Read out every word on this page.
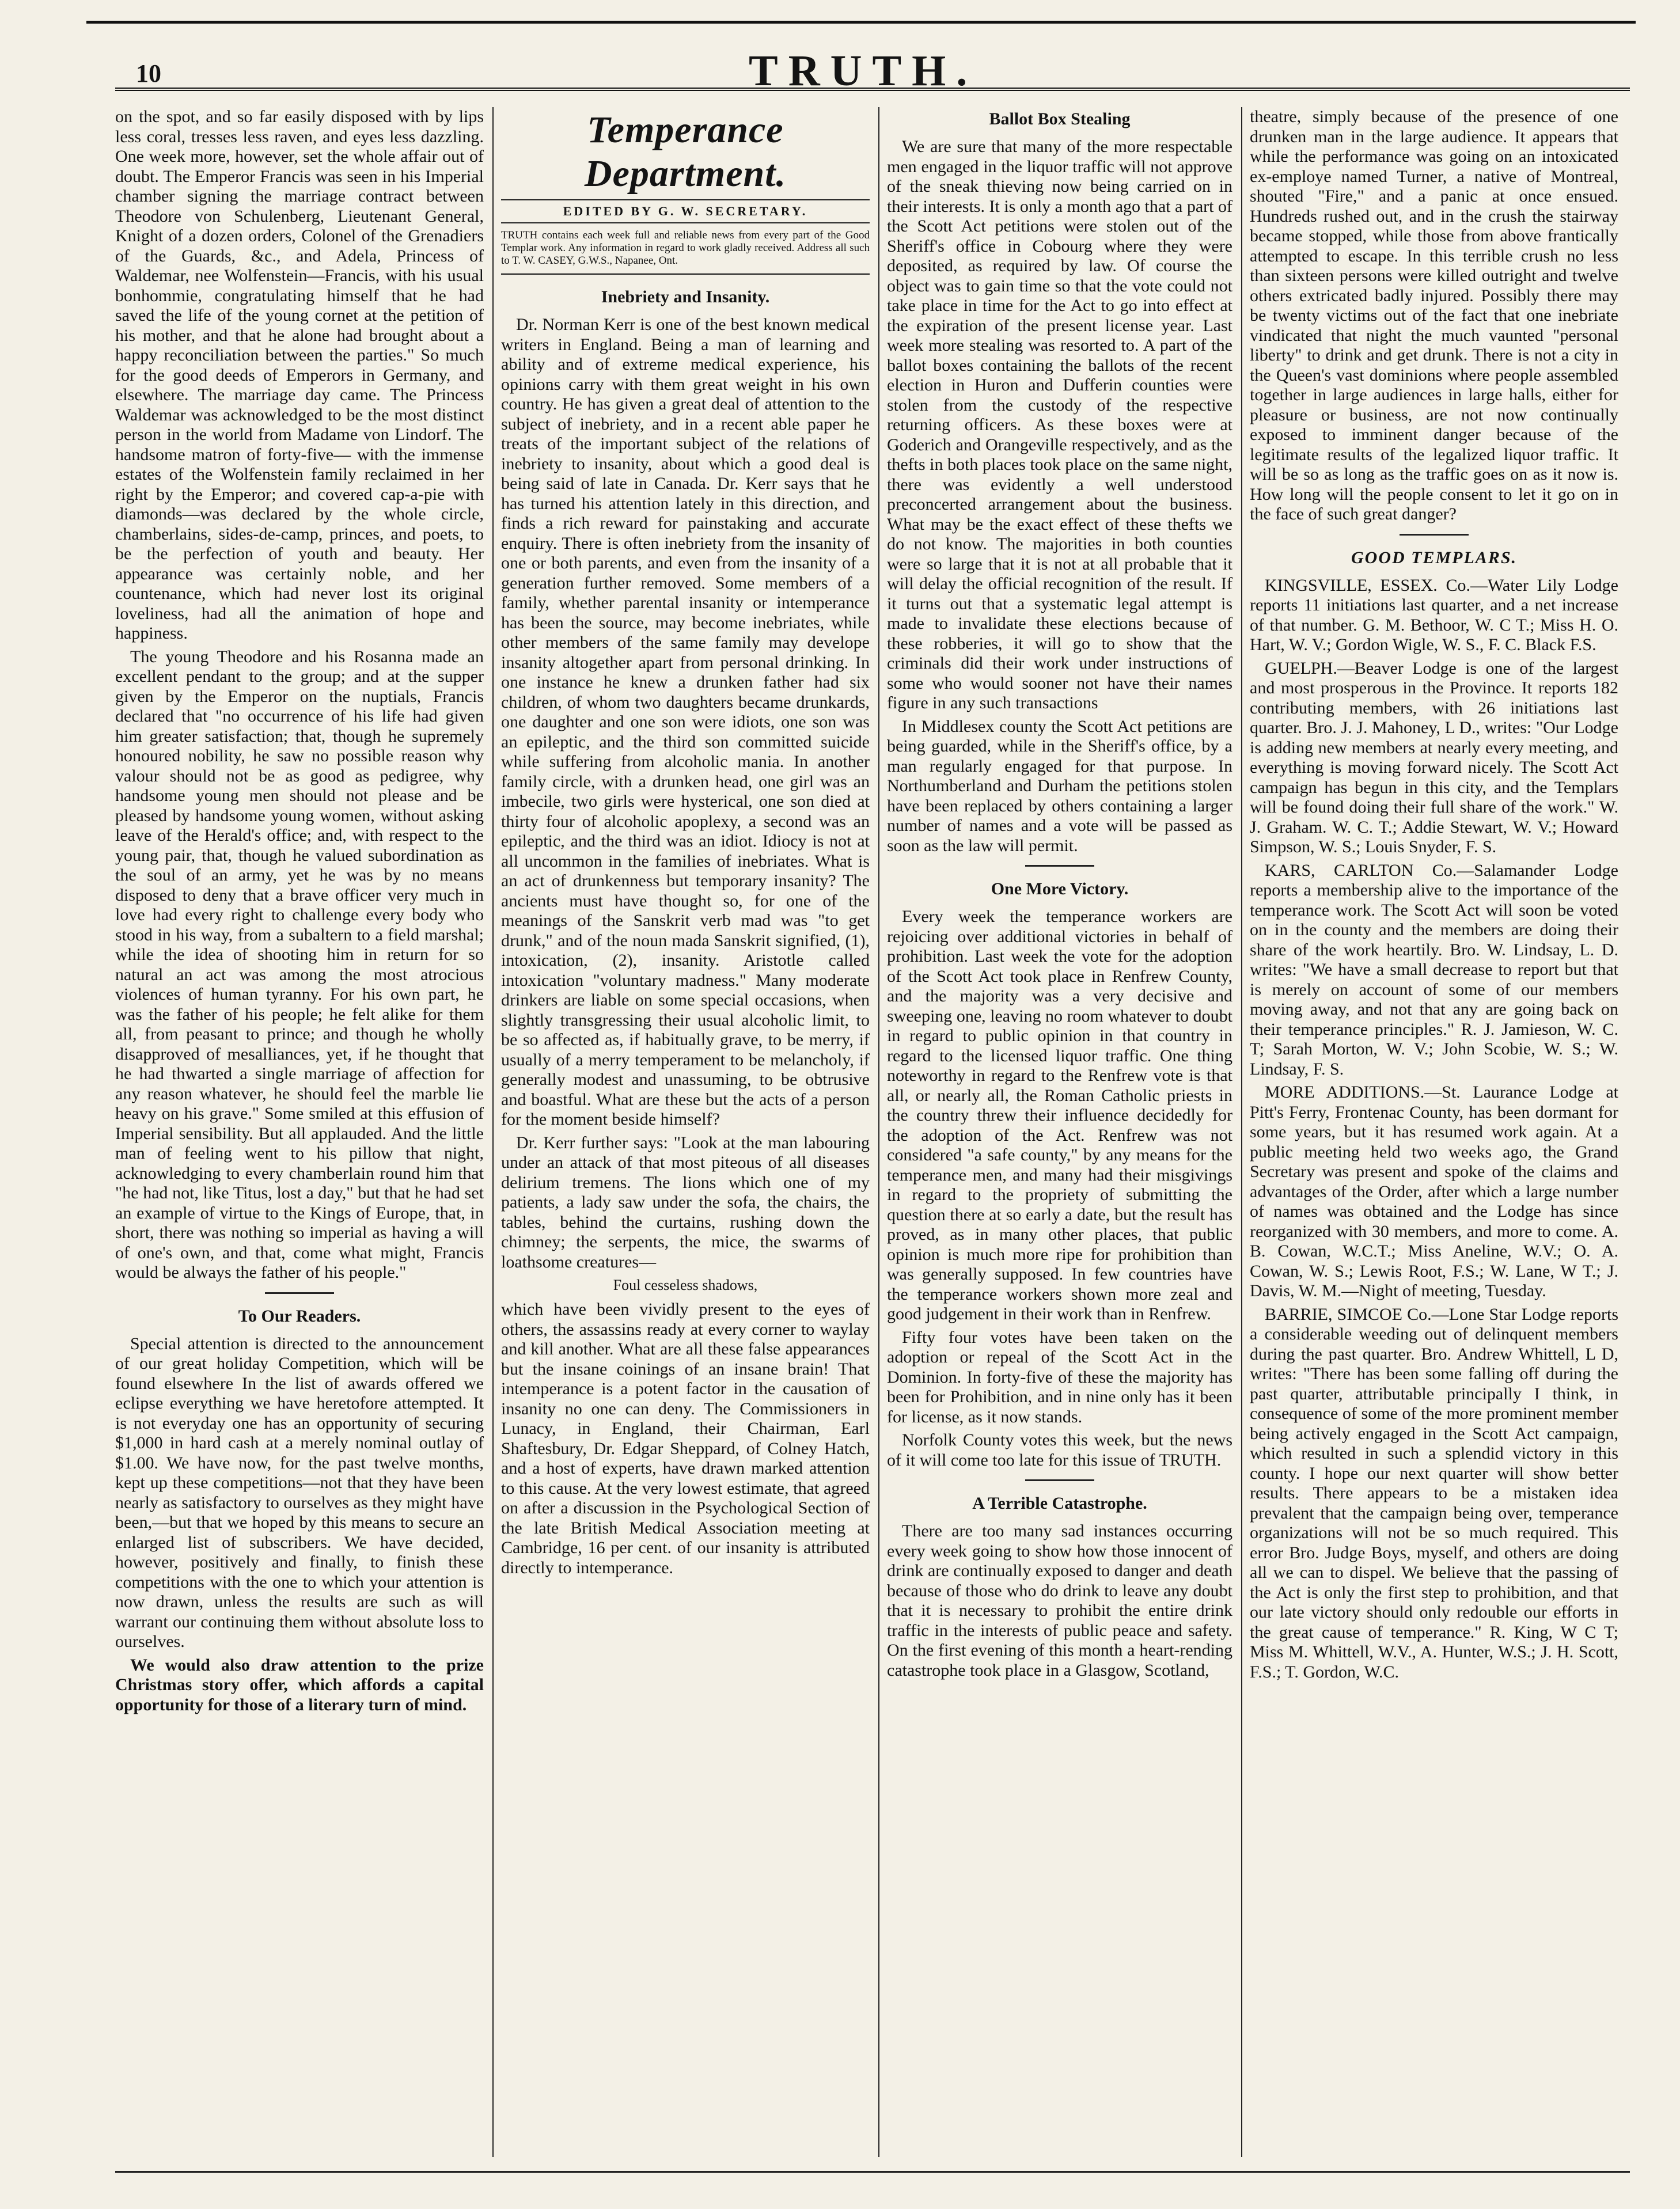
10	TRUTH.

on the spot, and so far easily disposed with by lips less coral, tresses less raven, and eyes less dazzling. One week more, however, set the whole affair out of doubt. The Emperor Francis was seen in his Imperial chamber signing the marriage contract between Theodore von Schulenberg, Lieutenant General, Knight of a dozen orders, Colonel of the Grenadiers of the Guards, &c., and Adela, Princess of Waldemar, nee Wolfenstein—Francis, with his usual bonhommie, congratulating himself that he had saved the life of the young cornet at the petition of his mother, and that he alone had brought about a happy reconciliation between the parties." So much for the good deeds of Emperors in Germany, and elsewhere. The marriage day came. The Princess Waldemar was acknowledged to be the most distinct person in the world from Madame von Lindorf. The handsome matron of forty-five— with the immense estates of the Wolfenstein family reclaimed in her right by the Emperor; and covered cap-a-pie with diamonds—was declared by the whole circle, chamberlains, sides-de-camp, princes, and poets, to be the perfection of youth and beauty. Her appearance was certainly noble, and her countenance, which had never lost its original loveliness, had all the animation of hope and happiness.

The young Theodore and his Rosanna made an excellent pendant to the group; and at the supper given by the Emperor on the nuptials, Francis declared that "no occurrence of his life had given him greater satisfaction; that, though he supremely honoured nobility, he saw no possible reason why valour should not be as good as pedigree, why handsome young men should not please and be pleased by handsome young women, without asking leave of the Herald's office; and, with respect to the young pair, that, though he valued subordination as the soul of an army, yet he was by no means disposed to deny that a brave officer very much in love had every right to challenge every body who stood in his way, from a subaltern to a field marshal; while the idea of shooting him in return for so natural an act was among the most atrocious violences of human tyranny. For his own part, he was the father of his people; he felt alike for them all, from peasant to prince; and though he wholly disapproved of mesalliances, yet, if he thought that he had thwarted a single marriage of affection for any reason whatever, he should feel the marble lie heavy on his grave." Some smiled at this effusion of Imperial sensibility. But all applauded. And the little man of feeling went to his pillow that night, acknowledging to every chamberlain round him that "he had not, like Titus, lost a day," but that he had set an example of virtue to the Kings of Europe, that, in short, there was nothing so imperial as having a will of one's own, and that, come what might, Francis would be always the father of his people."

To Our Readers.

Special attention is directed to the announcement of our great holiday Competition, which will be found elsewhere In the list of awards offered we eclipse everything we have heretofore attempted. It is not everyday one has an opportunity of securing $1,000 in hard cash at a merely nominal outlay of $1.00. We have now, for the past twelve months, kept up these competitions—not that they have been nearly as satisfactory to ourselves as they might have been,—but that we hoped by this means to secure an enlarged list of subscribers. We have decided, however, positively and finally, to finish these competitions with the one to which your attention is now drawn, unless the results are such as will warrant our continuing them without absolute loss to ourselves.

We would also draw attention to the prize Christmas story offer, which affords a capital opportunity for those of a literary turn of mind.

Temperance Department.
EDITED BY G. W. SECRETARY.
TRUTH contains each week full and reliable news from every part of the Good Templar work. Any information in regard to work gladly received. Address all such to T. W. CASEY, G.W.S., Napanee, Ont.
Inebriety and Insanity.

Dr. Norman Kerr is one of the best known medical writers in England. Being a man of learning and ability and of extreme medical experience, his opinions carry with them great weight in his own country. He has given a great deal of attention to the subject of inebriety, and in a recent able paper he treats of the important subject of the relations of inebriety to insanity, about which a good deal is being said of late in Canada. Dr. Kerr says that he has turned his attention lately in this direction, and finds a rich reward for painstaking and accurate enquiry. There is often inebriety from the insanity of one or both parents, and even from the insanity of a generation further removed. Some members of a family, whether parental insanity or intemperance has been the source, may become inebriates, while other members of the same family may develope insanity altogether apart from personal drinking. In one instance he knew a drunken father had six children, of whom two daughters became drunkards, one daughter and one son were idiots, one son was an epileptic, and the third son committed suicide while suffering from alcoholic mania. In another family circle, with a drunken head, one girl was an imbecile, two girls were hysterical, one son died at thirty four of alcoholic apoplexy, a second was an epileptic, and the third was an idiot. Idiocy is not at all uncommon in the families of inebriates. What is an act of drunkenness but temporary insanity? The ancients must have thought so, for one of the meanings of the Sanskrit verb mad was "to get drunk," and of the noun mada Sanskrit signified, (1), intoxication, (2), insanity. Aristotle called intoxication "voluntary madness." Many moderate drinkers are liable on some special occasions, when slightly transgressing their usual alcoholic limit, to be so affected as, if habitually grave, to be merry, if usually of a merry temperament to be melancholy, if generally modest and unassuming, to be obtrusive and boastful. What are these but the acts of a person for the moment beside himself?

Dr. Kerr further says: "Look at the man labouring under an attack of that most piteous of all diseases delirium tremens. The lions which one of my patients, a lady saw under the sofa, the chairs, the tables, behind the curtains, rushing down the chimney; the serpents, the mice, the swarms of loathsome creatures—

Foul cesseless shadows,

which have been vividly present to the eyes of others, the assassins ready at every corner to waylay and kill another. What are all these false appearances but the insane coinings of an insane brain! That intemperance is a potent factor in the causation of insanity no one can deny. The Commissioners in Lunacy, in England, their Chairman, Earl Shaftesbury, Dr. Edgar Sheppard, of Colney Hatch, and a host of experts, have drawn marked attention to this cause. At the very lowest estimate, that agreed on after a discussion in the Psychological Section of the late British Medical Association meeting at Cambridge, 16 per cent. of our insanity is attributed directly to intemperance.

Ballot Box Stealing

We are sure that many of the more respectable men engaged in the liquor traffic will not approve of the sneak thieving now being carried on in their interests. It is only a month ago that a part of the Scott Act petitions were stolen out of the Sheriff's office in Cobourg where they were deposited, as required by law. Of course the object was to gain time so that the vote could not take place in time for the Act to go into effect at the expiration of the present license year. Last week more stealing was resorted to. A part of the ballot boxes containing the ballots of the recent election in Huron and Dufferin counties were stolen from the custody of the respective returning officers. As these boxes were at Goderich and Orangeville respectively, and as the thefts in both places took place on the same night, there was evidently a well understood preconcerted arrangement about the business. What may be the exact effect of these thefts we do not know. The majorities in both counties were so large that it is not at all probable that it will delay the official recognition of the result. If it turns out that a systematic legal attempt is made to invalidate these elections because of these robberies, it will go to show that the criminals did their work under instructions of some who would sooner not have their names figure in any such transactions

In Middlesex county the Scott Act petitions are being guarded, while in the Sheriff's office, by a man regularly engaged for that purpose. In Northumberland and Durham the petitions stolen have been replaced by others containing a larger number of names and a vote will be passed as soon as the law will permit.

One More Victory.

Every week the temperance workers are rejoicing over additional victories in behalf of prohibition. Last week the vote for the adoption of the Scott Act took place in Renfrew County, and the majority was a very decisive and sweeping one, leaving no room whatever to doubt in regard to public opinion in that country in regard to the licensed liquor traffic. One thing noteworthy in regard to the Renfrew vote is that all, or nearly all, the Roman Catholic priests in the country threw their influence decidedly for the adoption of the Act. Renfrew was not considered "a safe county," by any means for the temperance men, and many had their misgivings in regard to the propriety of submitting the question there at so early a date, but the result has proved, as in many other places, that public opinion is much more ripe for prohibition than was generally supposed. In few countries have the temperance workers shown more zeal and good judgement in their work than in Renfrew.

Fifty four votes have been taken on the adoption or repeal of the Scott Act in the Dominion. In forty-five of these the majority has been for Prohibition, and in nine only has it been for license, as it now stands.

Norfolk County votes this week, but the news of it will come too late for this issue of TRUTH.

A Terrible Catastrophe.

There are too many sad instances occurring every week going to show how those innocent of drink are continually exposed to danger and death because of those who do drink to leave any doubt that it is necessary to prohibit the entire drink traffic in the interests of public peace and safety. On the first evening of this month a heart-rending catastrophe took place in a Glasgow, Scotland,

theatre, simply because of the presence of one drunken man in the large audience. It appears that while the performance was going on an intoxicated ex-employe named Turner, a native of Montreal, shouted "Fire," and a panic at once ensued. Hundreds rushed out, and in the crush the stairway became stopped, while those from above frantically attempted to escape. In this terrible crush no less than sixteen persons were killed outright and twelve others extricated badly injured. Possibly there may be twenty victims out of the fact that one inebriate vindicated that night the much vaunted "personal liberty" to drink and get drunk. There is not a city in the Queen's vast dominions where people assembled together in large audiences in large halls, either for pleasure or business, are not now continually exposed to imminent danger because of the legitimate results of the legalized liquor traffic. It will be so as long as the traffic goes on as it now is. How long will the people consent to let it go on in the face of such great danger?

GOOD TEMPLARS.

KINGSVILLE, ESSEX. Co.—Water Lily Lodge reports 11 initiations last quarter, and a net increase of that number. G. M. Bethoor, W. C T.; Miss H. O. Hart, W. V.; Gordon Wigle, W. S., F. C. Black F.S.

GUELPH.—Beaver Lodge is one of the largest and most prosperous in the Province. It reports 182 contributing members, with 26 initiations last quarter. Bro. J. J. Mahoney, L D., writes: "Our Lodge is adding new members at nearly every meeting, and everything is moving forward nicely. The Scott Act campaign has begun in this city, and the Templars will be found doing their full share of the work." W. J. Graham. W. C. T.; Addie Stewart, W. V.; Howard Simpson, W. S.; Louis Snyder, F. S.

KARS, CARLTON Co.—Salamander Lodge reports a membership alive to the importance of the temperance work. The Scott Act will soon be voted on in the county and the members are doing their share of the work heartily. Bro. W. Lindsay, L. D. writes: "We have a small decrease to report but that is merely on account of some of our members moving away, and not that any are going back on their temperance principles." R. J. Jamieson, W. C. T; Sarah Morton, W. V.; John Scobie, W. S.; W. Lindsay, F. S.

MORE ADDITIONS.—St. Laurance Lodge at Pitt's Ferry, Frontenac County, has been dormant for some years, but it has resumed work again. At a public meeting held two weeks ago, the Grand Secretary was present and spoke of the claims and advantages of the Order, after which a large number of names was obtained and the Lodge has since reorganized with 30 members, and more to come. A. B. Cowan, W.C.T.; Miss Aneline, W.V.; O. A. Cowan, W. S.; Lewis Root, F.S.; W. Lane, W T.; J. Davis, W. M.—Night of meeting, Tuesday.

BARRIE, SIMCOE Co.—Lone Star Lodge reports a considerable weeding out of delinquent members during the past quarter. Bro. Andrew Whittell, L D, writes: "There has been some falling off during the past quarter, attributable principally I think, in consequence of some of the more prominent member being actively engaged in the Scott Act campaign, which resulted in such a splendid victory in this county. I hope our next quarter will show better results. There appears to be a mistaken idea prevalent that the campaign being over, temperance organizations will not be so much required. This error Bro. Judge Boys, myself, and others are doing all we can to dispel. We believe that the passing of the Act is only the first step to prohibition, and that our late victory should only redouble our efforts in the great cause of temperance." R. King, W C T; Miss M. Whittell, W.V., A. Hunter, W.S.; J. H. Scott, F.S.; T. Gordon, W.C.
